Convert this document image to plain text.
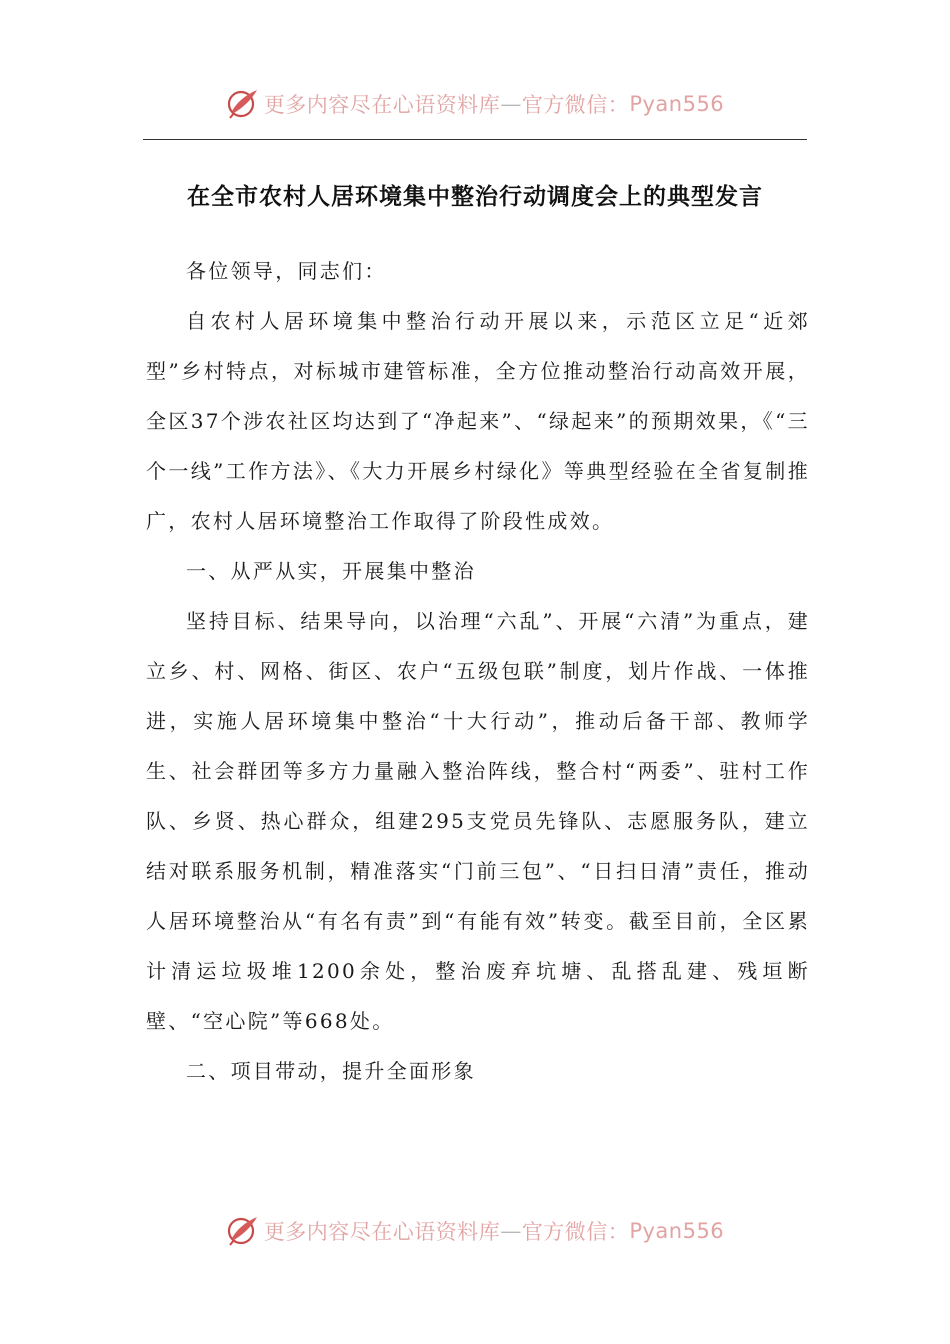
更多内容尽在心语资料库 — 官方微信： Pyan556
在全市农村人居环境集中整治行动调度会上的典型发言

各位领导，同志们：

自农村人居环境集中整治行动开展以来，示范区立足“近郊型”乡村特点，对标城市建管标准，全方位推动整治行动高效开展，全区37个涉农社区均达到了“净起来”、“绿起来”的预期效果，《“三个一线”工作方法》、《大力开展乡村绿化》等典型经验在全省复制推广，农村人居环境整治工作取得了阶段性成效。

一、从严从实，开展集中整治

坚持目标、结果导向，以治理“六乱”、开展“六清”为重点，建立乡、村、网格、街区、农户“五级包联”制度，划片作战、一体推进，实施人居环境集中整治“十大行动”，推动后备干部、教师学生、社会群团等多方力量融入整治阵线，整合村“两委”、驻村工作队、乡贤、热心群众，组建295支党员先锋队、志愿服务队，建立结对联系服务机制，精准落实“门前三包”、“日扫日清”责任，推动人居环境整治从“有名有责”到“有能有效”转变。截至目前，全区累计清运垃圾堆1200余处，整治废弃坑塘、乱搭乱建、残垣断壁、“空心院”等668处。

二、项目带动，提升全面形象

更多内容尽在心语资料库 — 官方微信： Pyan556
